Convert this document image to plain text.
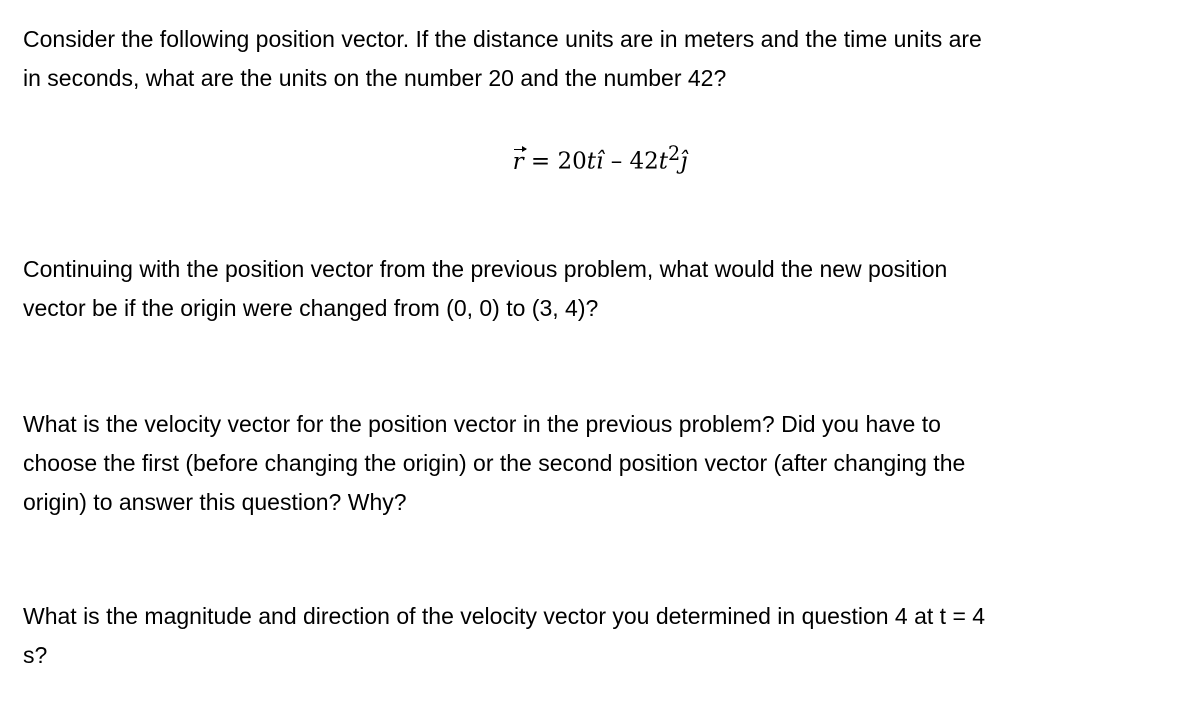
Consider the following position vector. If the distance units are in meters and the time units are
in seconds, what are the units on the number 20 and the number 42?
r = 20tî – $42t^2ĵ$
Continuing with the position vector from the previous problem, what would the new position
vector be if the origin were changed from (0, 0) to (3, 4)?
What is the velocity vector for the position vector in the previous problem? Did you have to
choose the first (before changing the origin) or the second position vector (after changing the
origin) to answer this question? Why?
What is the magnitude and direction of the velocity vector you determined in question 4 at t = 4
s?
